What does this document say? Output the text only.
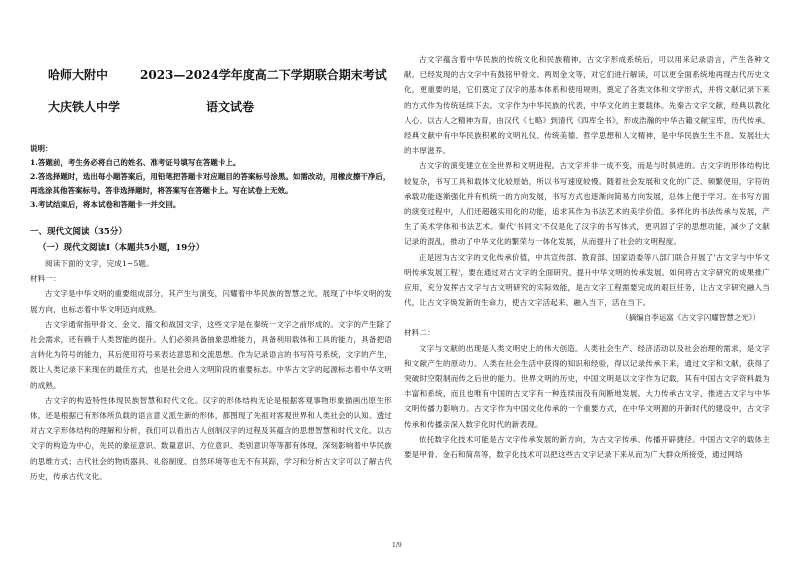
哈师大附中	2023—2024学年度高二下学期联合期末考试
大庆铁人中学	语文试卷

说明：

1.答题前，考生务必将自己的姓名、准考证号填写在答题卡上。

2.答选择题时，选出每小题答案后，用铅笔把答题卡对应题目的答案标号涂黑。如需改动，用橡皮擦干净后，再选涂其他答案标号。答非选择题时，将答案写在答题卡上。写在试卷上无效。

3.考试结束后，将本试卷和答题卡一并交回。

一、现代文阅读（35分）

（一）现代文阅读Ⅰ（本题共5小题，19分）

阅读下面的文字，完成1~5题。

材料一：

古文字是中华文明的重要组成部分，其产生与演变，闪耀着中华民族的智慧之光，展现了中华文明的发展方向，也标志着中华文明迈向成熟。

古文字通常指甲骨文、金文、籀文和战国文字，这些文字是在秦统一文字之前形成的。文字的产生除了社会需求，还有赖于人类智能的提升。人们必须具备抽象思维能力，具备利用载体和工具的能力，具备把语言转化为符号的能力，其后使用符号来表达意思和交流思想。作为记录语言的书写符号系统，文字的产生，既让人类记录下来现在的最佳方式，也是社会进入文明阶段的重要标志。中华古文字的起源标志着中华文明的成熟。

古文字的构造特性体现民族智慧和时代文化。汉字的形体结构无论是根据客观事物形象描画出原生形体，还是根据已有形体所负载的语言意义派生新的形体，都图现了先祖对客观世界和人类社会的认知。透过对古文字形体结构的理解和分析，我们可以看出古人创制汉字的过程及其蕴含的思想智慧和时代文化。以古文字的构造为中心，先民的象征意识、数量意识、方位意识、类别意识等等都有体现，深刻影响着中华民族的思维方式；古代社会的物质器具、礼俗制度、自然环境等也无不有其踪，学习和分析古文字可以了解古代历史，传承古代文化。

古文字蕴含着中华民族的传统文化和民族精神。古文字形成系统后，可以用来记录语言，产生各种文献。已经发现的古文字中有鼓铭甲骨文、两周金文等，对它们进行解读，可以更全面系统地再现古代历史文化，更重要的是，它们奠定了汉字的基本体系和使用规则，奠定了各类文体和文学形式，并将文献记录下来的方式作为传统延续下去。文字作为中华民族的代表，中华文化的主要载体。先秦古文字文献，经典以教化人心、以古人之精神为育，由汉代《七略》到清代《四库全书》，形成浩瀚的中华古籍文献宝库，历代传承。经典文献中有中华民族积累的文明礼仪、传统美德、哲学思想和人文精神，是中华民族生生不息、发展壮大的丰厚滋养。

古文字的演变建立在全世界和文明进程。古文字并非一成不变，而是与时俱进的。古文字的形体结构比较复杂，书写工具和载体文化较原始，所以书写速度较慢。随着社会发展和文化的广泛、频繁使用，字符的承载功能逐渐强化并有机统一的方向发展，书写方式也逐渐向简易方向发展，总体上便于学习。在书写方面的演变过程中，人们还超越实用化的功能，追求其作为书法艺术的美学价值。多样化的书法传承与发展，产生了美术学体和书法艺术。秦代'书同文'不仅是化了汉字的书写体式，更巩固了字的思想功能，减少了文献记录的混乱，推动了中华文化的繁荣与一体化发展，从而提升了社会的文明程度。

正是因为古文字的文化传承价值，中共宣传部、教育部、国家语委等八部门联合开展了'古文字与中华文明传承发展工程'，要在通过对古文字的全面研究，提升中华文明的传承发展。如何将古文字研究的成果推广应用，充分发挥古文字与古文明研究的实际效能，是古文字工程需要完成的艰巨任务，让古文字研究融入当代，让古文字焕发新的生命力，使古文字活起来，融入当下，活在当下。

（摘编自李运富《古文字闪耀智慧之光》）

材料二：

文字与文献的出现是人类文明史上的伟大创造。人类社会生产、经济活动以及社会治理的需求，是文字和文献产生的原动力。人类在社会生活中获得的知识和经验，得以记录传承下来，通过文字和文献，获得了突破时空限制而传之后世的能力。世界文明的历史，中国文明是以文字作为记载，其有中国古文字资料最为丰富和系统，而且也唯有中国的古文字有一种连续而没有间断地发展。大力传承古文字，推进古文字与中华文明传播力影响力。古文字作为中国文化传承的一个重要方式，在中华文明源的开新时代的建设中，古文字传承和传播亲深入数字化时代的新表现。

依托数字化技术可能是古文字传承发展的新方向，为古文字传承、传播开辟捷径。中国古文字的载体主要是甲骨、金石和简帛等，数字化技术可以把这些古文字记录下来从而为广大群众所接受，通过网络

1/9
